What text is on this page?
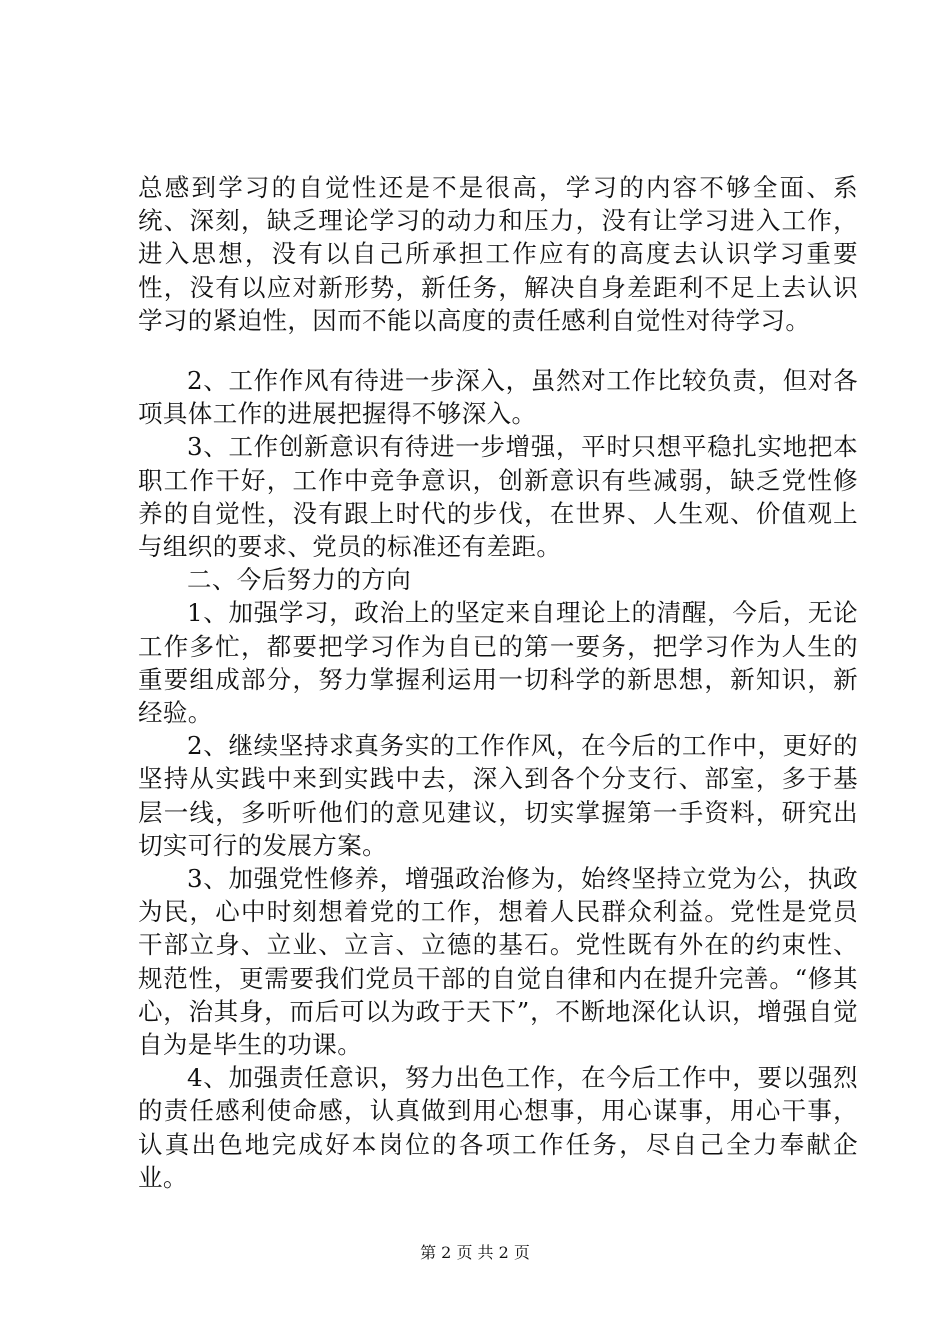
总感到学习的自觉性还是不是很高，学习的内容不够全面、系统、深刻，缺乏理论学习的动力和压力，没有让学习进入工作，进入思想，没有以自己所承担工作应有的高度去认识学习重要性，没有以应对新形势，新任务，解决自身差距利不足上去认识学习的紧迫性，因而不能以高度的责任感利自觉性对待学习。

2、工作作风有待进一步深入，虽然对工作比较负责，但对各项具体工作的进展把握得不够深入。

3、工作创新意识有待进一步增强，平时只想平稳扎实地把本职工作干好，工作中竞争意识，创新意识有些减弱，缺乏党性修养的自觉性，没有跟上时代的步伐，在世界、人生观、价值观上与组织的要求、党员的标准还有差距。

二、今后努力的方向

1、加强学习，政治上的坚定来自理论上的清醒，今后，无论工作多忙，都要把学习作为自已的第一要务，把学习作为人生的重要组成部分，努力掌握利运用一切科学的新思想，新知识，新经验。

2、继续坚持求真务实的工作作风，在今后的工作中，更好的坚持从实践中来到实践中去，深入到各个分支行、部室，多于基层一线，多听听他们的意见建议，切实掌握第一手资料，研究出切实可行的发展方案。

3、加强党性修养，增强政治修为，始终坚持立党为公，执政为民，心中时刻想着党的工作，想着人民群众利益。党性是党员干部立身、立业、立言、立德的基石。党性既有外在的约束性、规范性，更需要我们党员干部的自觉自律和内在提升完善。“修其心，治其身，而后可以为政于天下”，不断地深化认识，增强自觉自为是毕生的功课。

4、加强责任意识，努力出色工作，在今后工作中，要以强烈的责任感利使命感，认真做到用心想事，用心谋事，用心干事，认真出色地完成好本岗位的各项工作任务，尽自己全力奉献企业。

第 2 页 共 2 页
